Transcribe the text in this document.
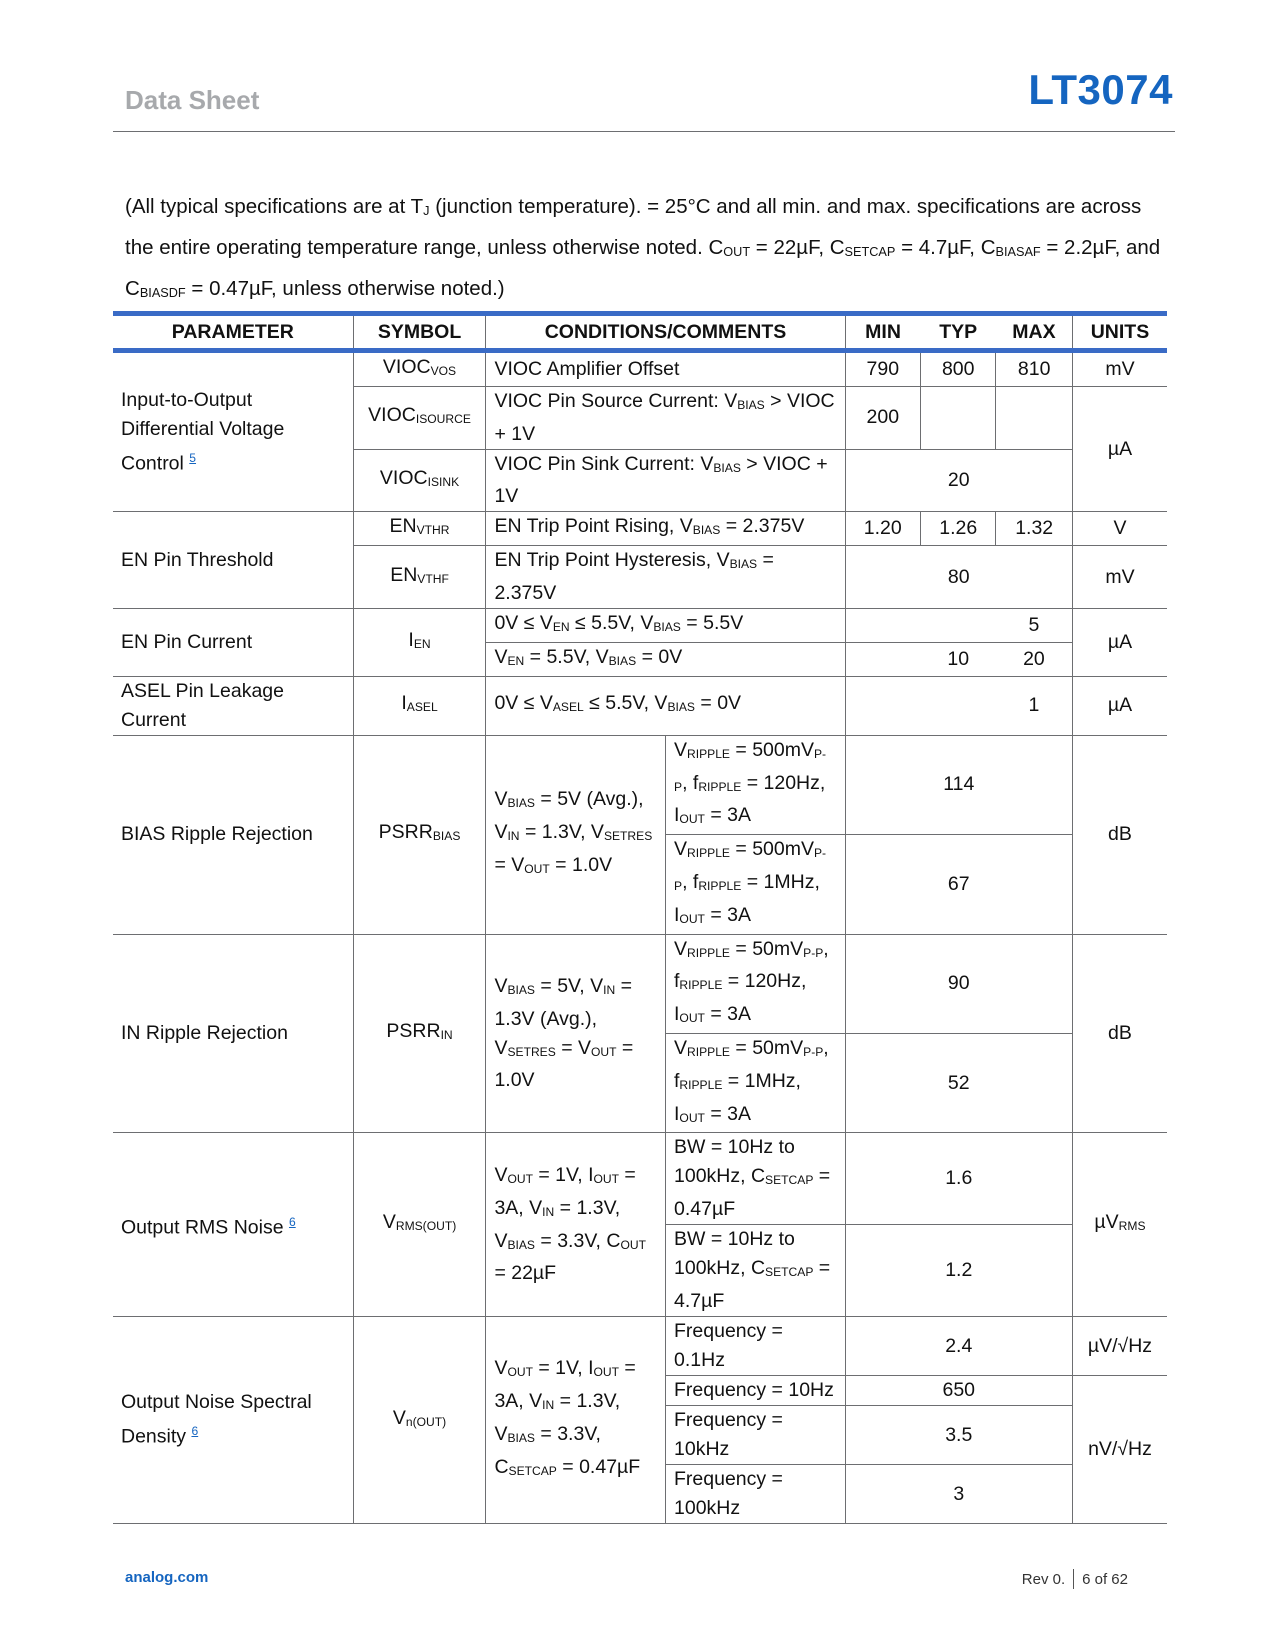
Data Sheet	LT3074
(All typical specifications are at $T_J$ (junction temperature). = 25°C and all min. and max. specifications are across the entire operating temperature range, unless otherwise noted. $C_{OUT} = 22\mu F$, $C_{SETCAP} = 4.7\mu F$, $C_{BIASAF} = 2.2\mu F$, and $C_{BIASDF} = 0.47\mu F$, unless otherwise noted.)
PARAMETER	SYMBOL	CONDITIONS/COMMENTS		MIN	TYP	MAX	UNITS
Input-to-Output Differential Voltage Control $^5$	$VIOC_{VOS}$	VIOC Amplifier Offset		790	800	810	mV
	$VIOC_{ISOURCE}$	VIOC Pin Source Current: $V_{BIAS}$ > VIOC + 1V		200			µA
	$VIOC_{ISINK}$	VIOC Pin Sink Current: $V_{BIAS}$ > VIOC + 1V		20			
EN Pin Threshold	$EN_{VTHR}$	EN Trip Point Rising, $V_{BIAS} = 2.375V$		1.20	1.26	1.32	V
	$EN_{VTHF}$	EN Trip Point Hysteresis, $V_{BIAS} = 2.375V$		80			mV
EN Pin Current	$I_{EN}$	$0V \le V_{EN} \le 5.5V$, $V_{BIAS} = 5.5V$				5	µA
		$V_{EN} = 5.5V$, $V_{BIAS} = 0V$			10	20	
ASEL Pin Leakage Current	$I_{ASEL}$	$0V \le V_{ASEL} \le 5.5V$, $V_{BIAS} = 0V$				1	µA
BIAS Ripple Rejection	$PSRR_{BIAS}$	$V_{BIAS} = 5V$ (Avg.), $V_{IN} = 1.3V$, $V_{SETRES} = V_{OUT} = 1.0V$	$V_{RIPPLE} = 500mV_{P-P}$, $f_{RIPPLE} = 120Hz$, $I_{OUT} = 3A$	114			dB
			$V_{RIPPLE} = 500mV_{P-P}$, $f_{RIPPLE} = 1MHz$, $I_{OUT} = 3A$	67			
IN Ripple Rejection	$PSRR_{IN}$	$V_{BIAS} = 5V$, $V_{IN} = 1.3V$ (Avg.), $V_{SETRES} = V_{OUT} = 1.0V$	$V_{RIPPLE} = 50mV_{P-P}$, $f_{RIPPLE} = 120Hz$, $I_{OUT} = 3A$	90			dB
			$V_{RIPPLE} = 50mV_{P-P}$, $f_{RIPPLE} = 1MHz$, $I_{OUT} = 3A$	52			
Output RMS Noise $^6$	$V_{RMS(OUT)}$	$V_{OUT} = 1V$, $I_{OUT} = 3A$, $V_{IN} = 1.3V$, $V_{BIAS} = 3.3V$, $C_{OUT} = 22\mu F$	BW = 10Hz to 100kHz, $C_{SETCAP} = 0.47\mu F$	1.6			µV$_{RMS}$
			BW = 10Hz to 100kHz, $C_{SETCAP} = 4.7\mu F$	1.2			
Output Noise Spectral Density $^6$	$V_{n(OUT)}$	$V_{OUT} = 1V$, $I_{OUT} = 3A$, $V_{IN} = 1.3V$, $V_{BIAS} = 3.3V$, $C_{SETCAP} = 0.47\mu F$	Frequency = 0.1Hz	2.4			µV/√Hz
			Frequency = 10Hz	650			nV/√Hz
			Frequency = 10kHz	3.5			
			Frequency = 100kHz	3			
analog.com	Rev 0. 6 of 62
